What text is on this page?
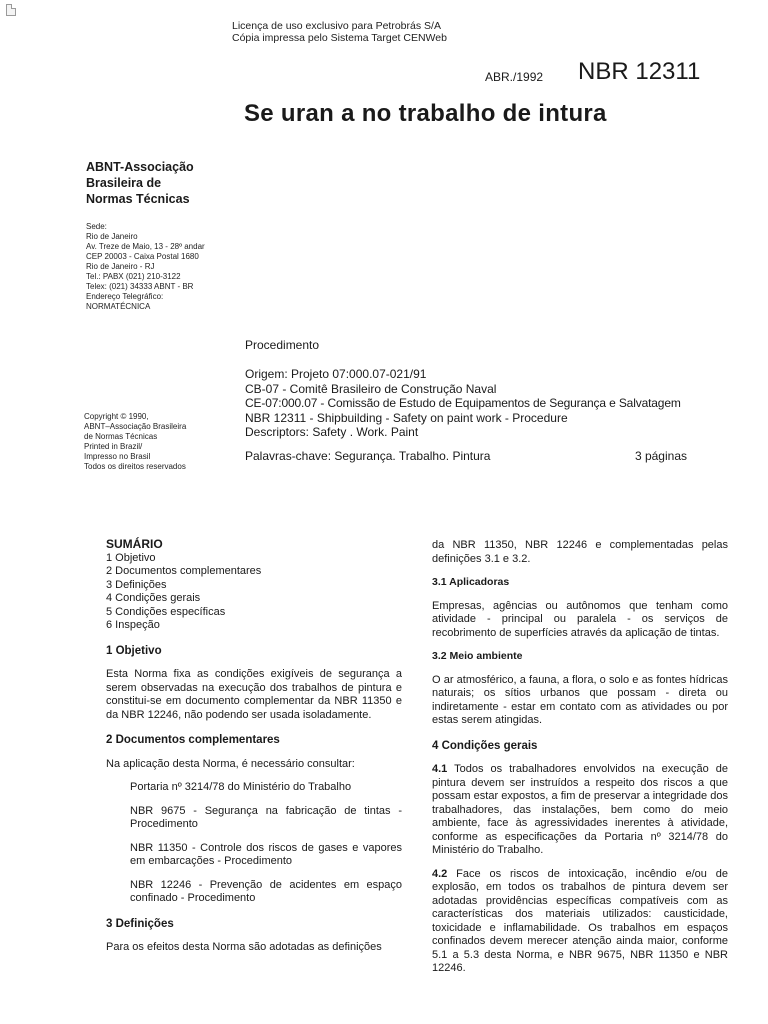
Licença de uso exclusivo para Petrobrás S/A
Cópia impressa pelo Sistema Target CENWeb
ABR./1992 NBR 12311
Se uran a no trabalho de intura
ABNT-Associação
Brasileira de
Normas Técnicas
Sede:
Rio de Janeiro
Av. Treze de Maio, 13 - 28º andar
CEP 20003 - Caixa Postal 1680
Rio de Janeiro - RJ
Tel.: PABX (021) 210-3122
Telex: (021) 34333 ABNT - BR
Endereço Telegráfico:
NORMATÉCNICA
Copyright © 1990,
ABNT–Associação Brasileira
de Normas Técnicas
Printed in Brazil/
Impresso no Brasil
Todos os direitos reservados
Procedimento
Origem: Projeto 07:000.07-021/91
CB-07 - Comitê Brasileiro de Construção Naval
CE-07:000.07 - Comissão de Estudo de Equipamentos de Segurança e Salvatagem
NBR 12311 - Shipbuilding - Safety on paint work - Procedure
Descriptors: Safety . Work. Paint
Palavras-chave: Segurança. Trabalho. Pintura	3 páginas
SUMÁRIO
1 Objetivo
2 Documentos complementares
3 Definições
4 Condições gerais
5 Condições específicas
6 Inspeção
1 Objetivo

Esta Norma fixa as condições exigíveis de segurança a serem observadas na execução dos trabalhos de pintura e constitui-se em documento complementar da NBR 11350 e da NBR 12246, não podendo ser usada isoladamente.

2 Documentos complementares

Na aplicação desta Norma, é necessário consultar:

Portaria nº 3214/78 do Ministério do Trabalho

NBR 9675 - Segurança na fabricação de tintas - Procedimento

NBR 11350 - Controle dos riscos de gases e vapores em embarcações - Procedimento

NBR 12246 - Prevenção de acidentes em espaço confinado - Procedimento

3 Definições

Para os efeitos desta Norma são adotadas as definições

da NBR 11350, NBR 12246 e complementadas pelas definições 3.1 e 3.2.

3.1 Aplicadoras

Empresas, agências ou autônomos que tenham como atividade - principal ou paralela - os serviços de recobrimento de superfícies através da aplicação de tintas.

3.2 Meio ambiente

O ar atmosférico, a fauna, a flora, o solo e as fontes hídricas naturais; os sítios urbanos que possam - direta ou indiretamente - estar em contato com as atividades ou por estas serem atingidas.

4 Condições gerais

4.1 Todos os trabalhadores envolvidos na execução de pintura devem ser instruídos a respeito dos riscos a que possam estar expostos, a fim de preservar a integridade dos trabalhadores, das instalações, bem como do meio ambiente, face às agressividades inerentes à atividade, conforme as especificações da Portaria nº 3214/78 do Ministério do Trabalho.

4.2 Face os riscos de intoxicação, incêndio e/ou de explosão, em todos os trabalhos de pintura devem ser adotadas providências específicas compatíveis com as características dos materiais utilizados: causticidade, toxicidade e inflamabilidade. Os trabalhos em espaços confinados devem merecer atenção ainda maior, conforme 5.1 a 5.3 desta Norma, e NBR 9675, NBR 11350 e NBR 12246.
